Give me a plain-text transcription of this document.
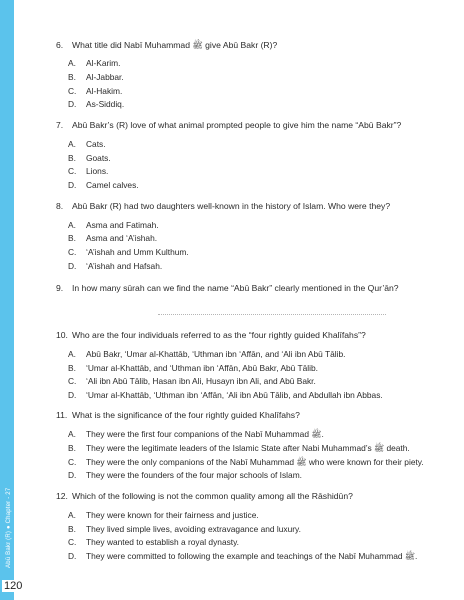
Abū Bakr (R) ● Chapter - 27
120
6. What title did Nabī Muhammad ﷺ give Abū Bakr (R)?
A. Al-Karim.
B. Al-Jabbar.
C. Al-Hakim.
D. As-Siddiq.
7. Abū Bakr’s (R) love of what animal prompted people to give him the name “Abū Bakr”?
A. Cats.
B. Goats.
C. Lions.
D. Camel calves.
8. Abū Bakr (R) had two daughters well-known in the history of Islam. Who were they?
A. Asma and Fatimah.
B. Asma and ‘A’ishah.
C. ‘A’ishah and Umm Kulthum.
D. ‘A’ishah and Hafsah.
9. In how many sūrah can we find the name “Abū Bakr” clearly mentioned in the Qur’ān?
10. Who are the four individuals referred to as the “four rightly guided Khalīfahs”?
A. Abū Bakr, ‘Umar al-Khattāb, ‘Uthman ibn ‘Affān, and ‘Ali ibn Abū Tālib.
B. ‘Umar al-Khattāb, and ‘Uthman ibn ‘Affān, Abū Bakr, Abū Tālib.
C. ‘Ali ibn Abū Tālib, Hasan ibn Ali, Husayn ibn Ali, and Abū Bakr.
D. ‘Umar al-Khattāb, ‘Uthman ibn ‘Affān, ‘Ali ibn Abū Tālib, and Abdullah ibn Abbas.
11. What is the significance of the four rightly guided Khalīfahs?
A. They were the first four companions of the Nabī Muhammad ﷺ.
B. They were the legitimate leaders of the Islamic State after Nabi Muhammad’s ﷺ death.
C. They were the only companions of the Nabī Muhammad ﷺ who were known for their piety.
D. They were the founders of the four major schools of Islam.
12. Which of the following is not the common quality among all the Rāshidūn?
A. They were known for their fairness and justice.
B. They lived simple lives, avoiding extravagance and luxury.
C. They wanted to establish a royal dynasty.
D. They were committed to following the example and teachings of the Nabī Muhammad ﷺ.
